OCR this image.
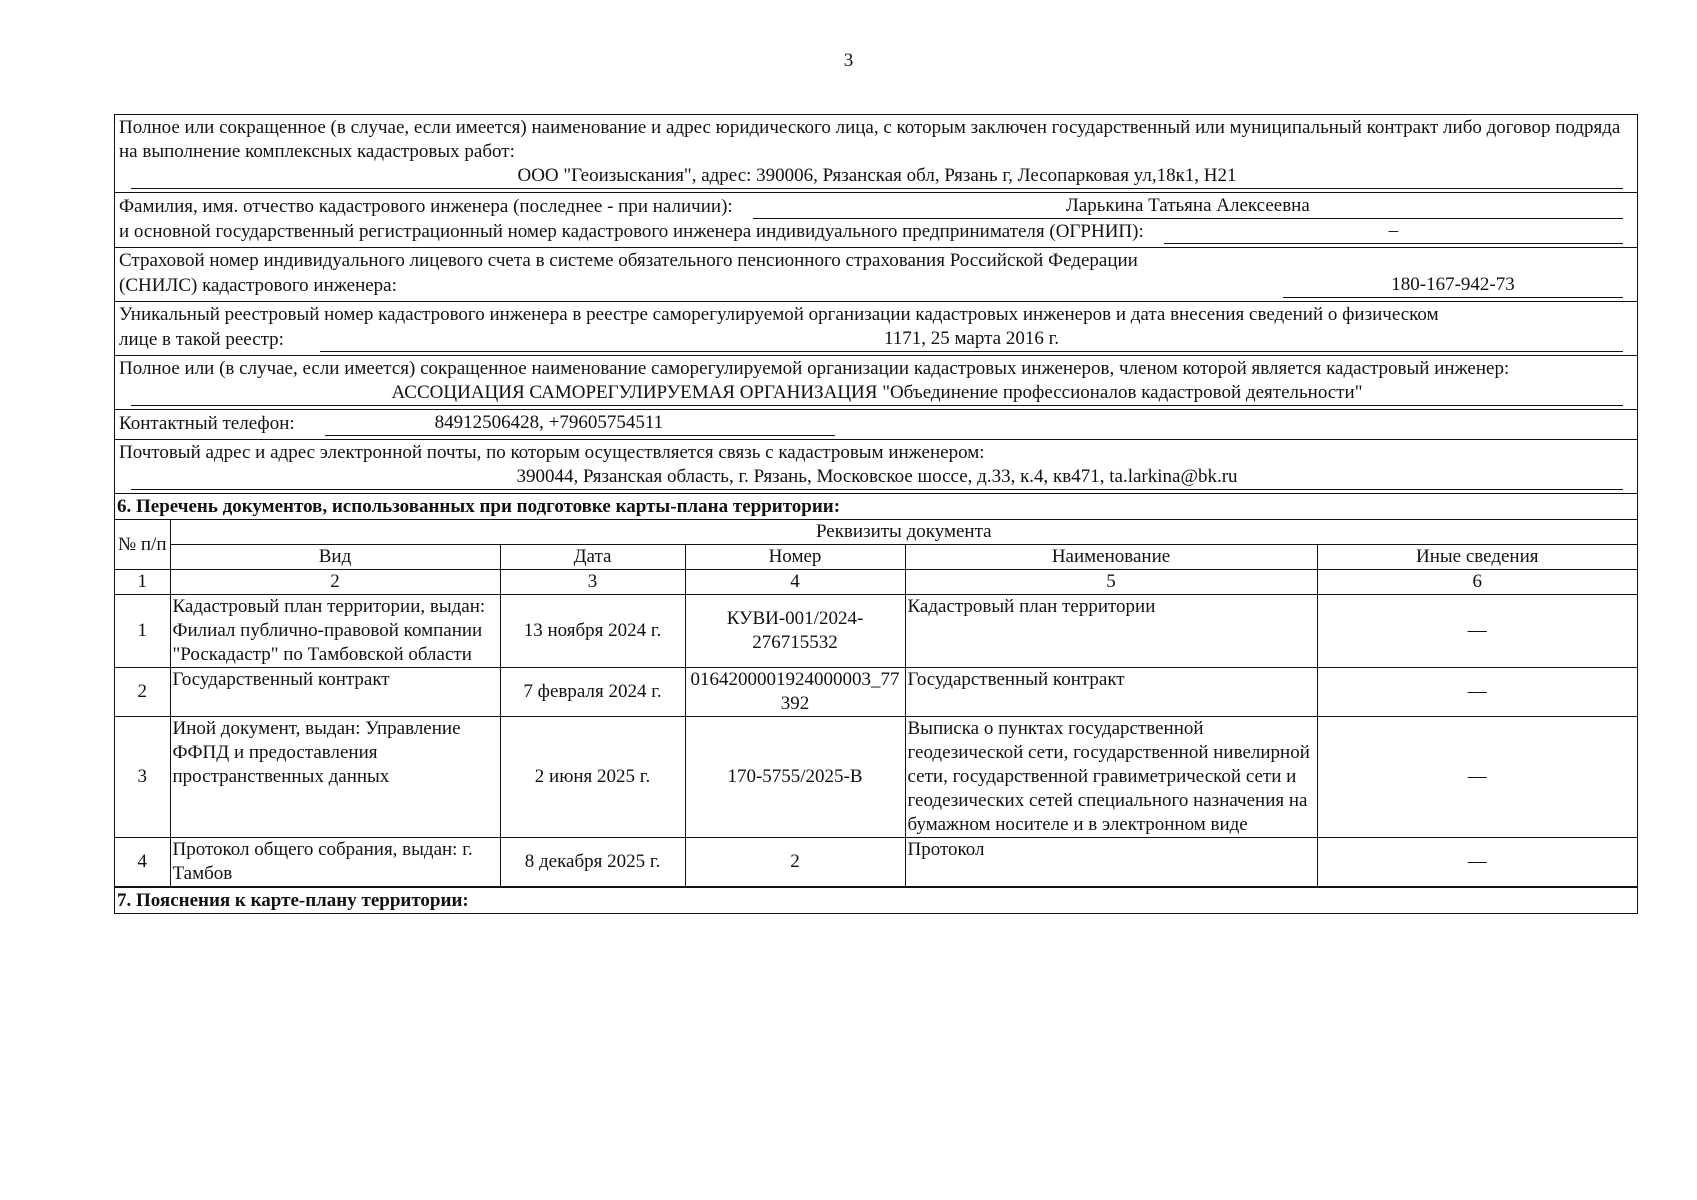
3
Полное или сокращенное (в случае, если имеется) наименование и адрес юридического лица, с которым заключен государственный или муниципальный контракт либо договор подряда на выполнение комплексных кадастровых работ:
ООО "Геоизыскания", адрес: 390006, Рязанская обл, Рязань г, Лесопарковая ул,18к1, Н21
Фамилия, имя. отчество кадастрового инженера (последнее - при наличии):	Ларькина Татьяна Алексеевна
и основной государственный регистрационный номер кадастрового инженера индивидуального предпринимателя (ОГРНИП):	–
Страховой номер индивидуального лицевого счета в системе обязательного пенсионного страхования Российской Федерации
(СНИЛС) кадастрового инженера:	180-167-942-73
Уникальный реестровый номер кадастрового инженера в реестре саморегулируемой организации кадастровых инженеров и дата внесения сведений о физическом
лице в такой реестр:	1171, 25 марта 2016 г.
Полное или (в случае, если имеется) сокращенное наименование саморегулируемой организации кадастровых инженеров, членом которой является кадастровый инженер:
АССОЦИАЦИЯ САМОРЕГУЛИРУЕМАЯ ОРГАНИЗАЦИЯ "Объединение профессионалов кадастровой деятельности"
Контактный телефон:	84912506428, +79605754511
Почтовый адрес и адрес электронной почты, по которым осуществляется связь с кадастровым инженером:
390044, Рязанская область, г. Рязань, Московское шоссе, д.33, к.4, кв471, ta.larkina@bk.ru
6. Перечень документов, использованных при подготовке карты-плана территории:
№ п/п	Реквизиты документа				
	Вид	Дата	Номер	Наименование	Иные сведения
1	2	3	4	5	6
1	Кадастровый план территории, выдан: Филиал публично-правовой компании "Роскадастр" по Тамбовской области	13 ноября 2024 г.	КУВИ-001/2024-276715532	Кадастровый план территории	—
2	Государственный контракт	7 февраля 2024 г.	0164200001924000003_77392	Государственный контракт	—
3	Иной документ, выдан: Управление ФФПД и предоставления пространственных данных	2 июня 2025 г.	170-5755/2025-В	Выписка о пунктах государственной геодезической сети, государственной нивелирной сети, государственной гравиметрической сети и геодезических сетей специального назначения на бумажном носителе и в электронном виде	—
4	Протокол общего собрания, выдан: г. Тамбов	8 декабря 2025 г.	2	Протокол	—
7. Пояснения к карте-плану территории:
